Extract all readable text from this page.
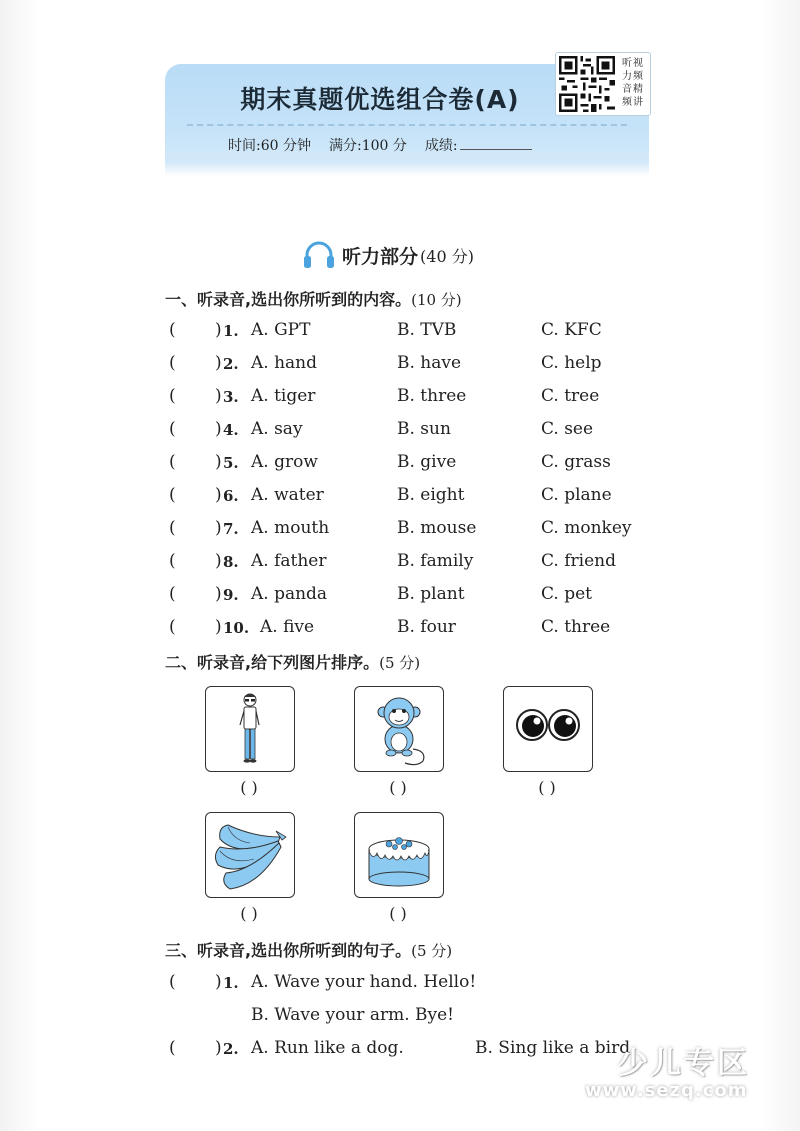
期末真题优选组合卷(A)
时间:60 分钟 满分:100 分 成绩:
听视
力频
音精
频讲
听力部分 (40 分)
一、听录音,选出你所听到的内容。(10 分)
( ) 1. A. GPT	B. TVB	C. KFC
( ) 2. A. hand	B. have	C. help
( ) 3. A. tiger	B. three	C. tree
( ) 4. A. say	B. sun	C. see
( ) 5. A. grow	B. give	C. grass
( ) 6. A. water	B. eight	C. plane
( ) 7. A. mouth	B. mouse	C. monkey
( ) 8. A. father	B. family	C. friend
( ) 9. A. panda	B. plant	C. pet
( ) 10. A. five	B. four	C. three
二、听录音,给下列图片排序。(5 分)
( )	( )	( )
( )	( )
三、听录音,选出你所听到的句子。(5 分)
( ) 1. A. Wave your hand. Hello!
B. Wave your arm. Bye!
( ) 2. A. Run like a dog.	B. Sing like a bird.
少儿专区
www.sezq.com
